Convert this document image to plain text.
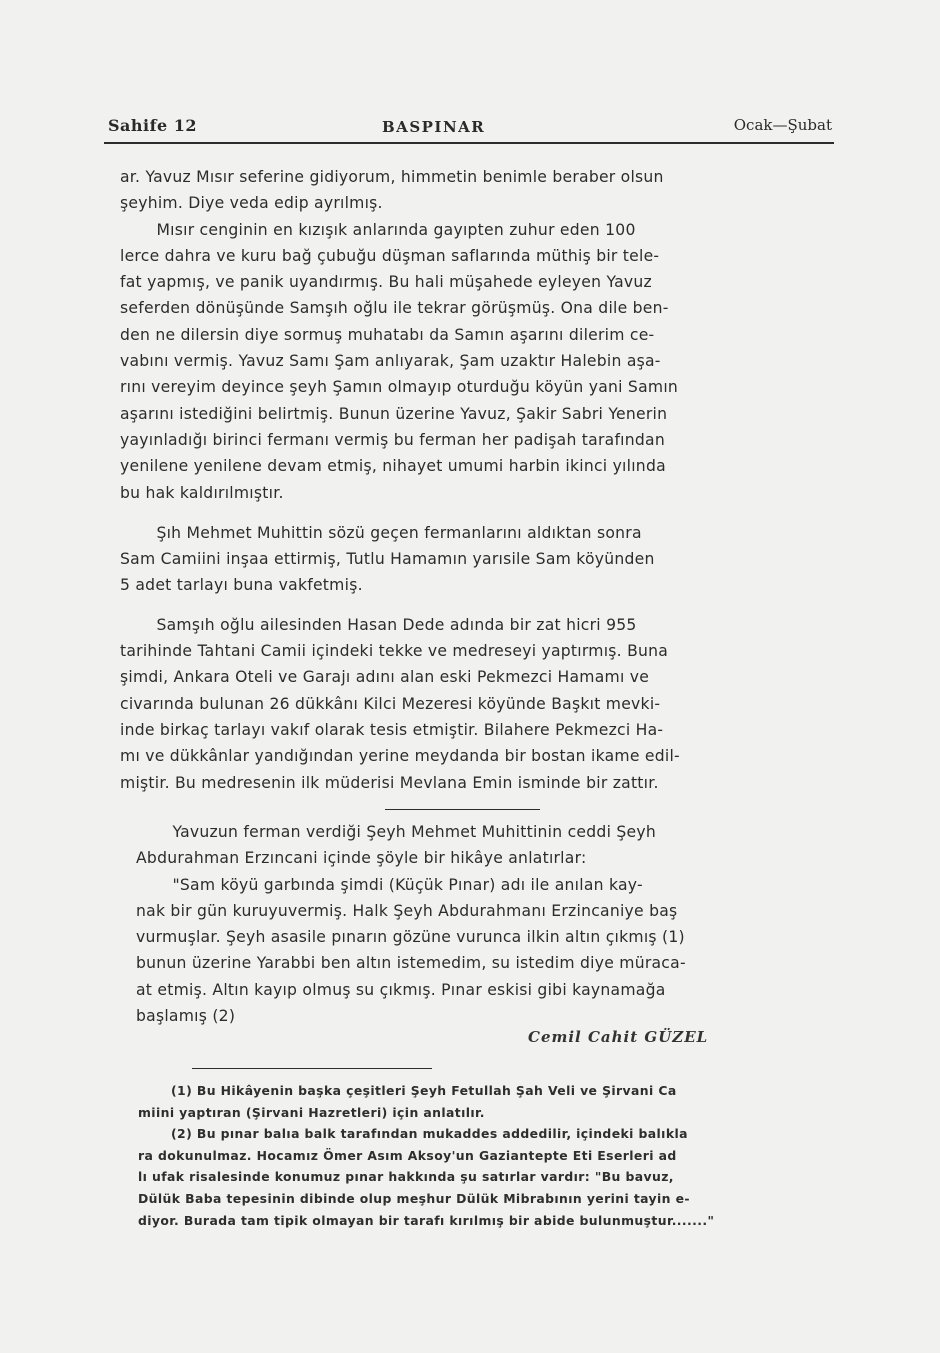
Sahife 12	BASPINAR	Ocak—Şubat
ar. Yavuz Mısır seferine gidiyorum, himmetin benimle beraber olsun
şeyhim. Diye veda edip ayrılmış.
Mısır cenginin en kızışık anlarında gayıpten zuhur eden 100
lerce dahra ve kuru bağ çubuğu düşman saflarında müthiş bir tele-
fat yapmış, ve panik uyandırmış. Bu hali müşahede eyleyen Yavuz
seferden dönüşünde Samşıh oğlu ile tekrar görüşmüş. Ona dile ben-
den ne dilersin diye sormuş muhatabı da Samın aşarını dilerim ce-
vabını vermiş. Yavuz Samı Şam anlıyarak, Şam uzaktır Halebin aşa-
rını vereyim deyince şeyh Şamın olmayıp oturduğu köyün yani Samın
aşarını istediğini belirtmiş. Bunun üzerine Yavuz, Şakir Sabri Yenerin
yayınladığı birinci fermanı vermiş bu ferman her padişah tarafından
yenilene yenilene devam etmiş, nihayet umumi harbin ikinci yılında
bu hak kaldırılmıştır.
Şıh Mehmet Muhittin sözü geçen fermanlarını aldıktan sonra
Sam Camiini inşaa ettirmiş, Tutlu Hamamın yarısile Sam köyünden
5 adet tarlayı buna vakfetmiş.
Samşıh oğlu ailesinden Hasan Dede adında bir zat hicri 955
tarihinde Tahtani Camii içindeki tekke ve medreseyi yaptırmış. Buna
şimdi, Ankara Oteli ve Garajı adını alan eski Pekmezci Hamamı ve
civarında bulunan 26 dükkânı Kilci Mezeresi köyünde Başkıt mevki-
inde birkaç tarlayı vakıf olarak tesis etmiştir. Bilahere Pekmezci Ha-
mı ve dükkânlar yandığından yerine meydanda bir bostan ikame edil-
miştir. Bu medresenin ilk müderisi Mevlana Emin isminde bir zattır.
Yavuzun ferman verdiği Şeyh Mehmet Muhittinin ceddi Şeyh
Abdurahman Erzıncani içinde şöyle bir hikâye anlatırlar:
"Sam köyü garbında şimdi (Küçük Pınar) adı ile anılan kay-
nak bir gün kuruyuvermiş. Halk Şeyh Abdurahmanı Erzincaniye baş
vurmuşlar. Şeyh asasile pınarın gözüne vurunca ilkin altın çıkmış (1)
bunun üzerine Yarabbi ben altın istemedim, su istedim diye müraca-
at etmiş. Altın kayıp olmuş su çıkmış. Pınar eskisi gibi kaynamağa
başlamış (2)
Cemil Cahit GÜZEL
(1) Bu Hikâyenin başka çeşitleri Şeyh Fetullah Şah Veli ve Şirvani Ca
miini yaptıran (Şirvani Hazretleri) için anlatılır.
(2) Bu pınar balıa balk tarafından mukaddes addedilir, içindeki balıkla
ra dokunulmaz. Hocamız Ömer Asım Aksoy'un Gaziantepte Eti Eserleri ad
lı ufak risalesinde konumuz pınar hakkında şu satırlar vardır: "Bu bavuz,
Dülük Baba tepesinin dibinde olup meşhur Dülük Mibrabının yerini tayin e-
diyor. Burada tam tipik olmayan bir tarafı kırılmış bir abide bulunmuştur......."
